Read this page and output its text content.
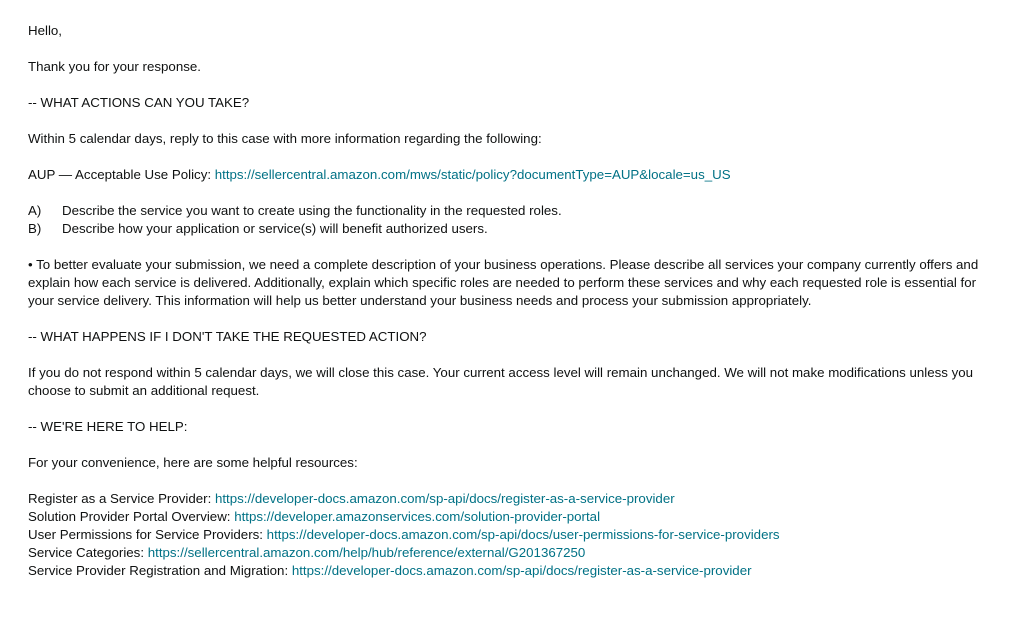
Hello,

Thank you for your response.

-- WHAT ACTIONS CAN YOU TAKE?

Within 5 calendar days, reply to this case with more information regarding the following:

AUP — Acceptable Use Policy: https://sellercentral.amazon.com/mws/static/policy?documentType=AUP&locale=us_US

A)	Describe the service you want to create using the functionality in the requested roles.
B)	Describe how your application or service(s) will benefit authorized users.

• To better evaluate your submission, we need a complete description of your business operations. Please describe all services your company currently offers and explain how each service is delivered. Additionally, explain which specific roles are needed to perform these services and why each requested role is essential for your service delivery. This information will help us better understand your business needs and process your submission appropriately.

-- WHAT HAPPENS IF I DON'T TAKE THE REQUESTED ACTION?

If you do not respond within 5 calendar days, we will close this case. Your current access level will remain unchanged. We will not make modifications unless you choose to submit an additional request.

-- WE'RE HERE TO HELP:

For your convenience, here are some helpful resources:

Register as a Service Provider: https://developer-docs.amazon.com/sp-api/docs/register-as-a-service-provider

Solution Provider Portal Overview: https://developer.amazonservices.com/solution-provider-portal

User Permissions for Service Providers: https://developer-docs.amazon.com/sp-api/docs/user-permissions-for-service-providers

Service Categories: https://sellercentral.amazon.com/help/hub/reference/external/G201367250

Service Provider Registration and Migration: https://developer-docs.amazon.com/sp-api/docs/register-as-a-service-provider
